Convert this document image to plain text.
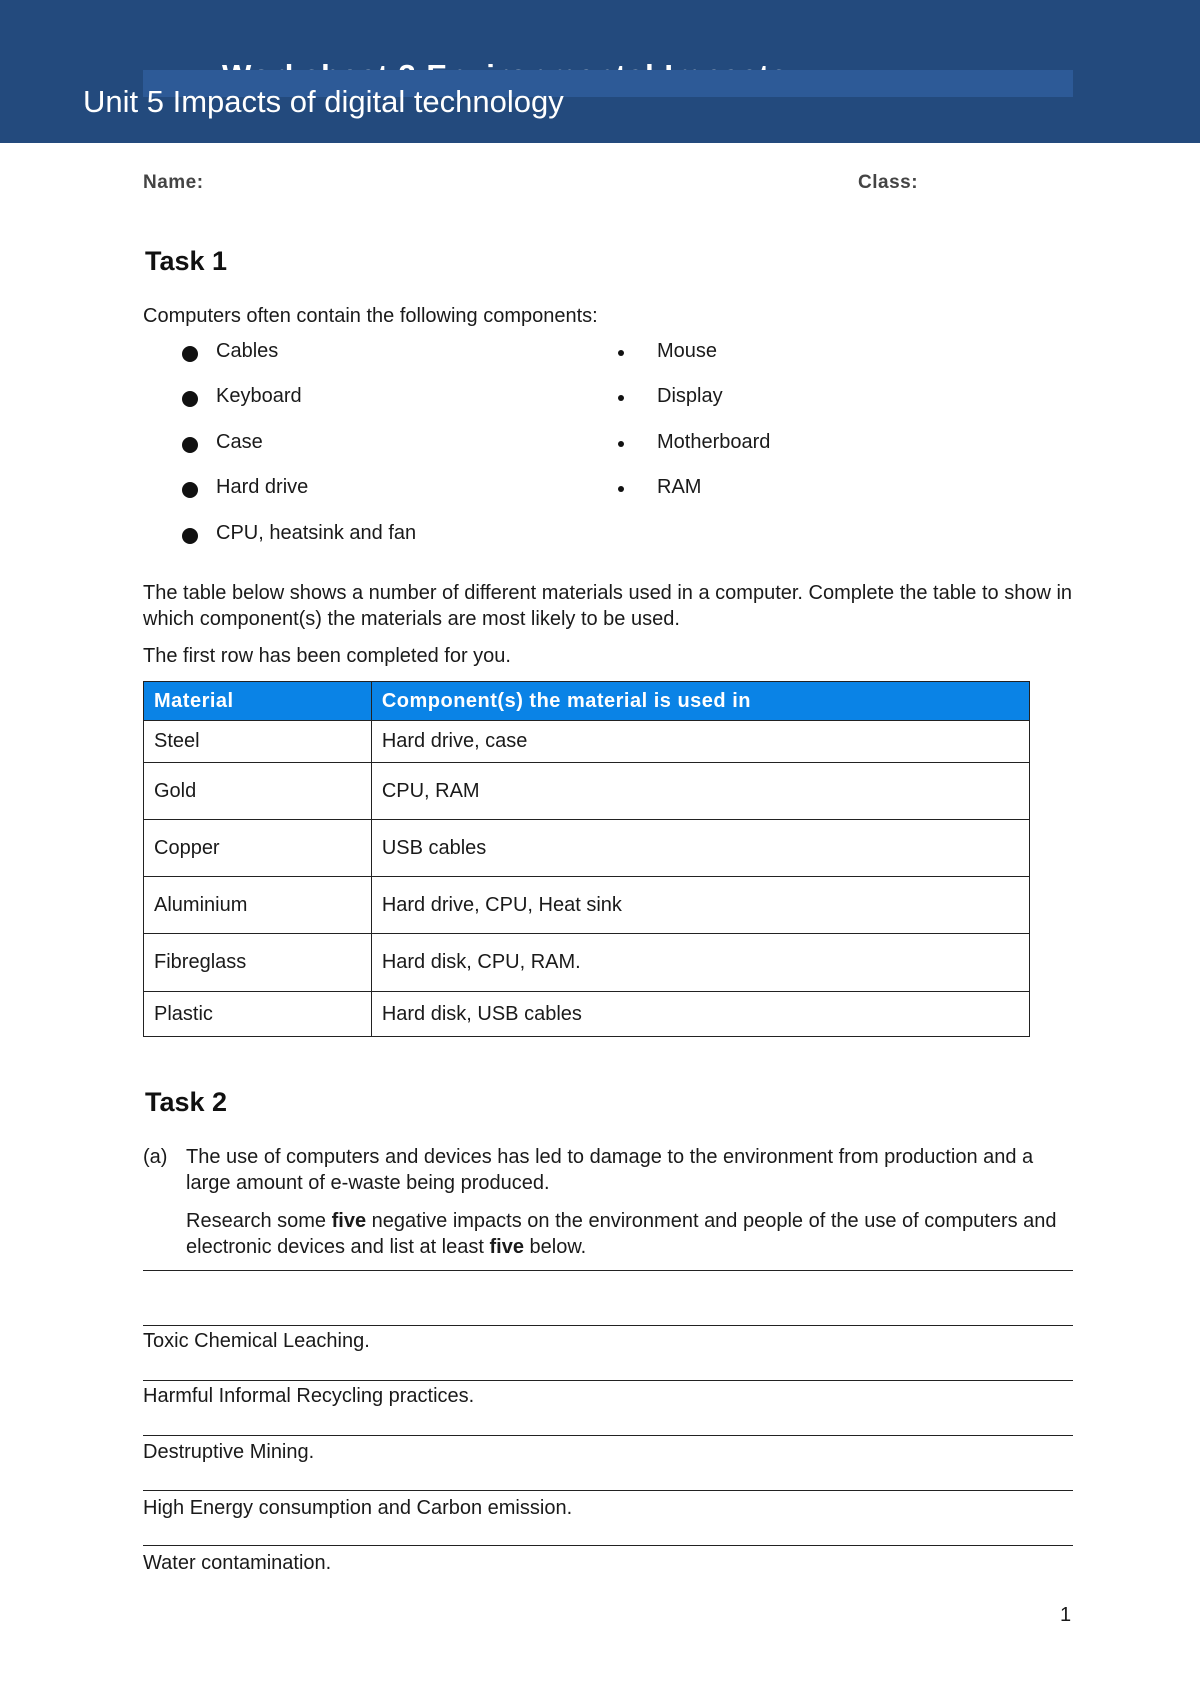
Unit 5 Impacts of digital technology
Name:	Class:
Task 1
Computers often contain the following components:
Cables
Keyboard
Case
Hard drive
CPU, heatsink and fan
Mouse
Display
Motherboard
RAM
The table below shows a number of different materials used in a computer. Complete the table to show in which component(s) the materials are most likely to be used.
The first row has been completed for you.
Material	Component(s) the material is used in
Steel	Hard drive, case
Gold	CPU, RAM
Copper	USB cables
Aluminium	Hard drive, CPU, Heat sink
Fibreglass	Hard disk, CPU, RAM.
Plastic	Hard disk, USB cables
Task 2
(a) The use of computers and devices has led to damage to the environment from production and a large amount of e-waste being produced.
Research some five negative impacts on the environment and people of the use of computers and electronic devices and list at least five below.
Toxic Chemical Leaching.
Harmful Informal Recycling practices.
Destruptive Mining.
High Energy consumption and Carbon emission.
Water contamination.
1
